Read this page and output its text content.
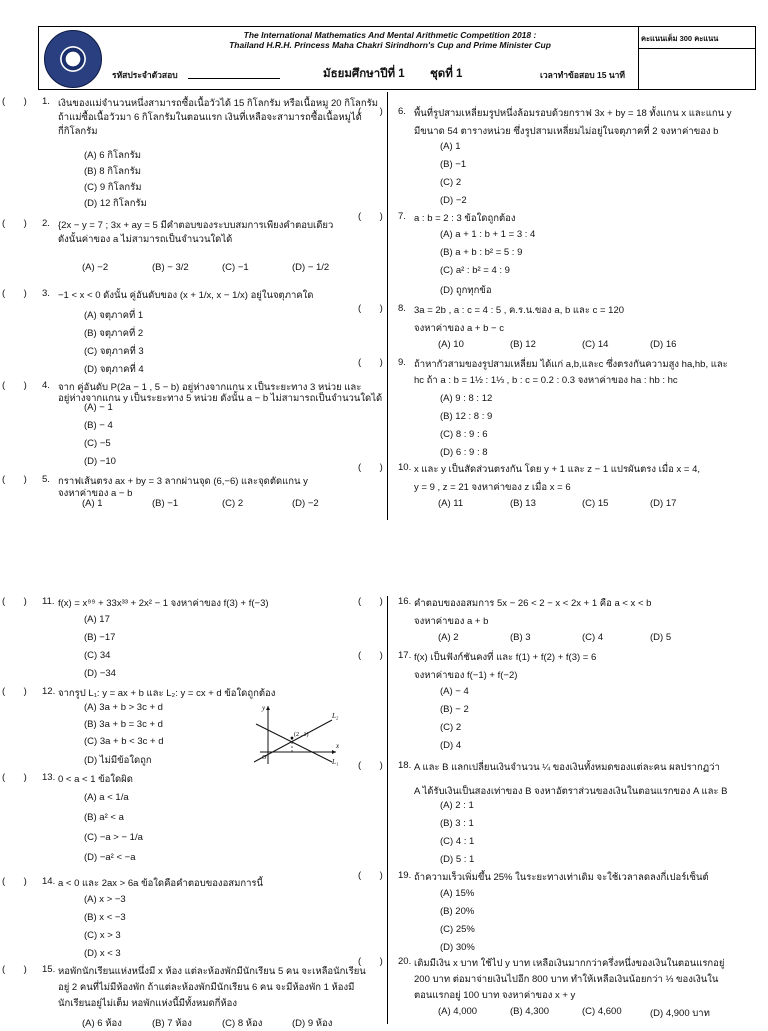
The International Mathematics And Mental Arithmetic Competition 2018 :
Thailand H.R.H. Princess Maha Chakri Sirindhorn's Cup and Prime Minister Cup
คะแนนเต็ม 300 คะแนน
รหัสประจำตัวสอบ	มัธยมศึกษาปีที่ 1 ชุดที่ 1	เวลาทำข้อสอบ 15 นาที
(       ) 1. เงินของแม่จำนวนหนึ่งสามารถซื้อเนื้อวัวได้ 15 กิโลกรัม หรือเนื้อหมู 20 กิโลกรัม
ถ้าแม่ซื้อเนื้อวัวมา 6 กิโลกรัมในตอนแรก เงินที่เหลือจะสามารถซื้อเนื้อหมูได้
กี่กิโลกรัม
(A) 6 กิโลกรัม
(B) 8 กิโลกรัม
(C) 9 กิโลกรัม
(D) 12 กิโลกรัม
(       ) 2. {2x − y = 7 ; 3x + ay = 5 มีคำตอบของระบบสมการเพียงคำตอบเดียว
ดังนั้นค่าของ a ไม่สามารถเป็นจำนวนใดได้
(A) −2	(B) − 3/2	(C) −1	(D) − 1/2
(       ) 3. −1 < x < 0 ดังนั้น คู่อันดับของ (x + 1/x, x − 1/x) อยู่ในจตุภาคใด
(A) จตุภาคที่ 1
(B) จตุภาคที่ 2
(C) จตุภาคที่ 3
(D) จตุภาคที่ 4
(       ) 4. จาก คู่อันดับ P(2a − 1 , 5 − b) อยู่ห่างจากแกน x เป็นระยะทาง 3 หน่วย และ
อยู่ห่างจากแกน y เป็นระยะทาง 5 หน่วย ดังนั้น a − b ไม่สามารถเป็นจำนวนใดได้
(A) − 1
(B) − 4
(C) −5
(D) −10
(       ) 5. กราฟเส้นตรง ax + by = 3 ลากผ่านจุด (6,−6) และจุดตัดแกน y
จงหาค่าของ a − b
(A) 1	(B) −1	(C) 2	(D) −2
(       ) 6. พื้นที่รูปสามเหลี่ยมรูปหนึ่งล้อมรอบด้วยกราฟ 3x + by = 18 ทั้งแกน x และแกน y
มีขนาด 54 ตารางหน่วย ซึ่งรูปสามเหลี่ยมไม่อยู่ในจตุภาคที่ 2 จงหาค่าของ b
(A) 1
(B) −1
(C) 2
(D) −2
(       ) 7. a : b = 2 : 3 ข้อใดถูกต้อง
(A) a + 1 : b + 1 = 3 : 4
(B) a + b : b² = 5 : 9
(C) a² : b² = 4 : 9
(D) ถูกทุกข้อ
(       ) 8. 3a = 2b , a : c = 4 : 5 , ค.ร.น.ของ a, b และ c = 120
จงหาค่าของ a + b − c
(A) 10	(B) 12	(C) 14	(D) 16
(       ) 9. ถ้าหากัวสามของรูปสามเหลี่ยม ได้แก่ a,b,และc ซึ่งตรงกันความสูง ha,hb, และ
hc ถ้า a : b = 1½ : 1⅓ , b : c = 0.2 : 0.3 จงหาค่าของ ha : hb : hc
(A) 9 : 8 : 12
(B) 12 : 8 : 9
(C) 8 : 9 : 6
(D) 6 : 9 : 8
(       ) 10. x และ y เป็นสัดส่วนตรงกัน โดย y + 1 และ z − 1 แปรผันตรง เมื่อ x = 4,
y = 9 , z = 21 จงหาค่าของ z เมื่อ x = 6
(A) 11	(B) 13	(C) 15	(D) 17
(       ) 11. f(x) = x⁹⁹ + 33x³³ + 2x² − 1 จงหาค่าของ f(3) + f(−3)
(A) 17
(B) −17
(C) 34
(D) −34
(       ) 12. จากรูป L₁: y = ax + b และ L₂: y = cx + d ข้อใดถูกต้อง
(A) 3a + b > 3c + d
(B) 3a + b = 3c + d
(C) 3a + b < 3c + d
(D) ไม่มีข้อใดถูก
(       ) 13. 0 < a < 1 ข้อใดผิด
(A) a < 1/a
(B) a² < a
(C) −a > − 1/a
(D) −a² < −a
(       ) 14. a < 0 และ 2ax > 6a ข้อใดคือคำตอบของอสมการนี้
(A) x > −3
(B) x < −3
(C) x > 3
(D) x < 3
(       ) 15. หอพักนักเรียนแห่งหนึ่งมี x ห้อง แต่ละห้องพักมีนักเรียน 5 คน จะเหลือนักเรียน
อยู่ 2 คนที่ไม่มีห้องพัก ถ้าแต่ละห้องพักมีนักเรียน 6 คน จะมีห้องพัก 1 ห้องมี
นักเรียนอยู่ไม่เต็ม หอพักแห่งนี้มีทั้งหมดกี่ห้อง
(A) 6 ห้อง	(B) 7 ห้อง	(C) 8 ห้อง	(D) 9 ห้อง
(       ) 16. คำตอบของอสมการ 5x − 26 < 2 − x < 2x + 1 คือ a < x < b
จงหาค่าของ a + b
(A) 2	(B) 3	(C) 4	(D) 5
(       ) 17. f(x) เป็นฟังก์ชันคงที่ และ f(1) + f(2) + f(3) = 6
จงหาค่าของ f(−1) + f(−2)
(A) − 4
(B) − 2
(C) 2
(D) 4
(       ) 18. A และ B แลกเปลี่ยนเงินจำนวน ¼ ของเงินทั้งหมดของแต่ละคน ผลปรากฏว่า
A ได้รับเงินเป็นสองเท่าของ B จงหาอัตราส่วนของเงินในตอนแรกของ A และ B
(A) 2 : 1
(B) 3 : 1
(C) 4 : 1
(D) 5 : 1
(       ) 19. ถ้าความเร็วเพิ่มขึ้น 25% ในระยะทางเท่าเดิม จะใช้เวลาลดลงกี่เปอร์เซ็นต์
(A) 15%
(B) 20%
(C) 25%
(D) 30%
(       ) 20. เดิมมีเงิน x บาท ใช้ไป y บาท เหลือเงินมากกว่าครึ่งหนึ่งของเงินในตอนแรกอยู่
200 บาท ต่อมาจ่ายเงินไปอีก 800 บาท ทำให้เหลือเงินน้อยกว่า ⅓ ของเงินใน
ตอนแรกอยู่ 100 บาท จงหาค่าของ x + y
(A) 4,000	(B) 4,300	(C) 4,600	(D) 4,900 บาท
(2 , 1)
L₂
L₁
x
y
O
